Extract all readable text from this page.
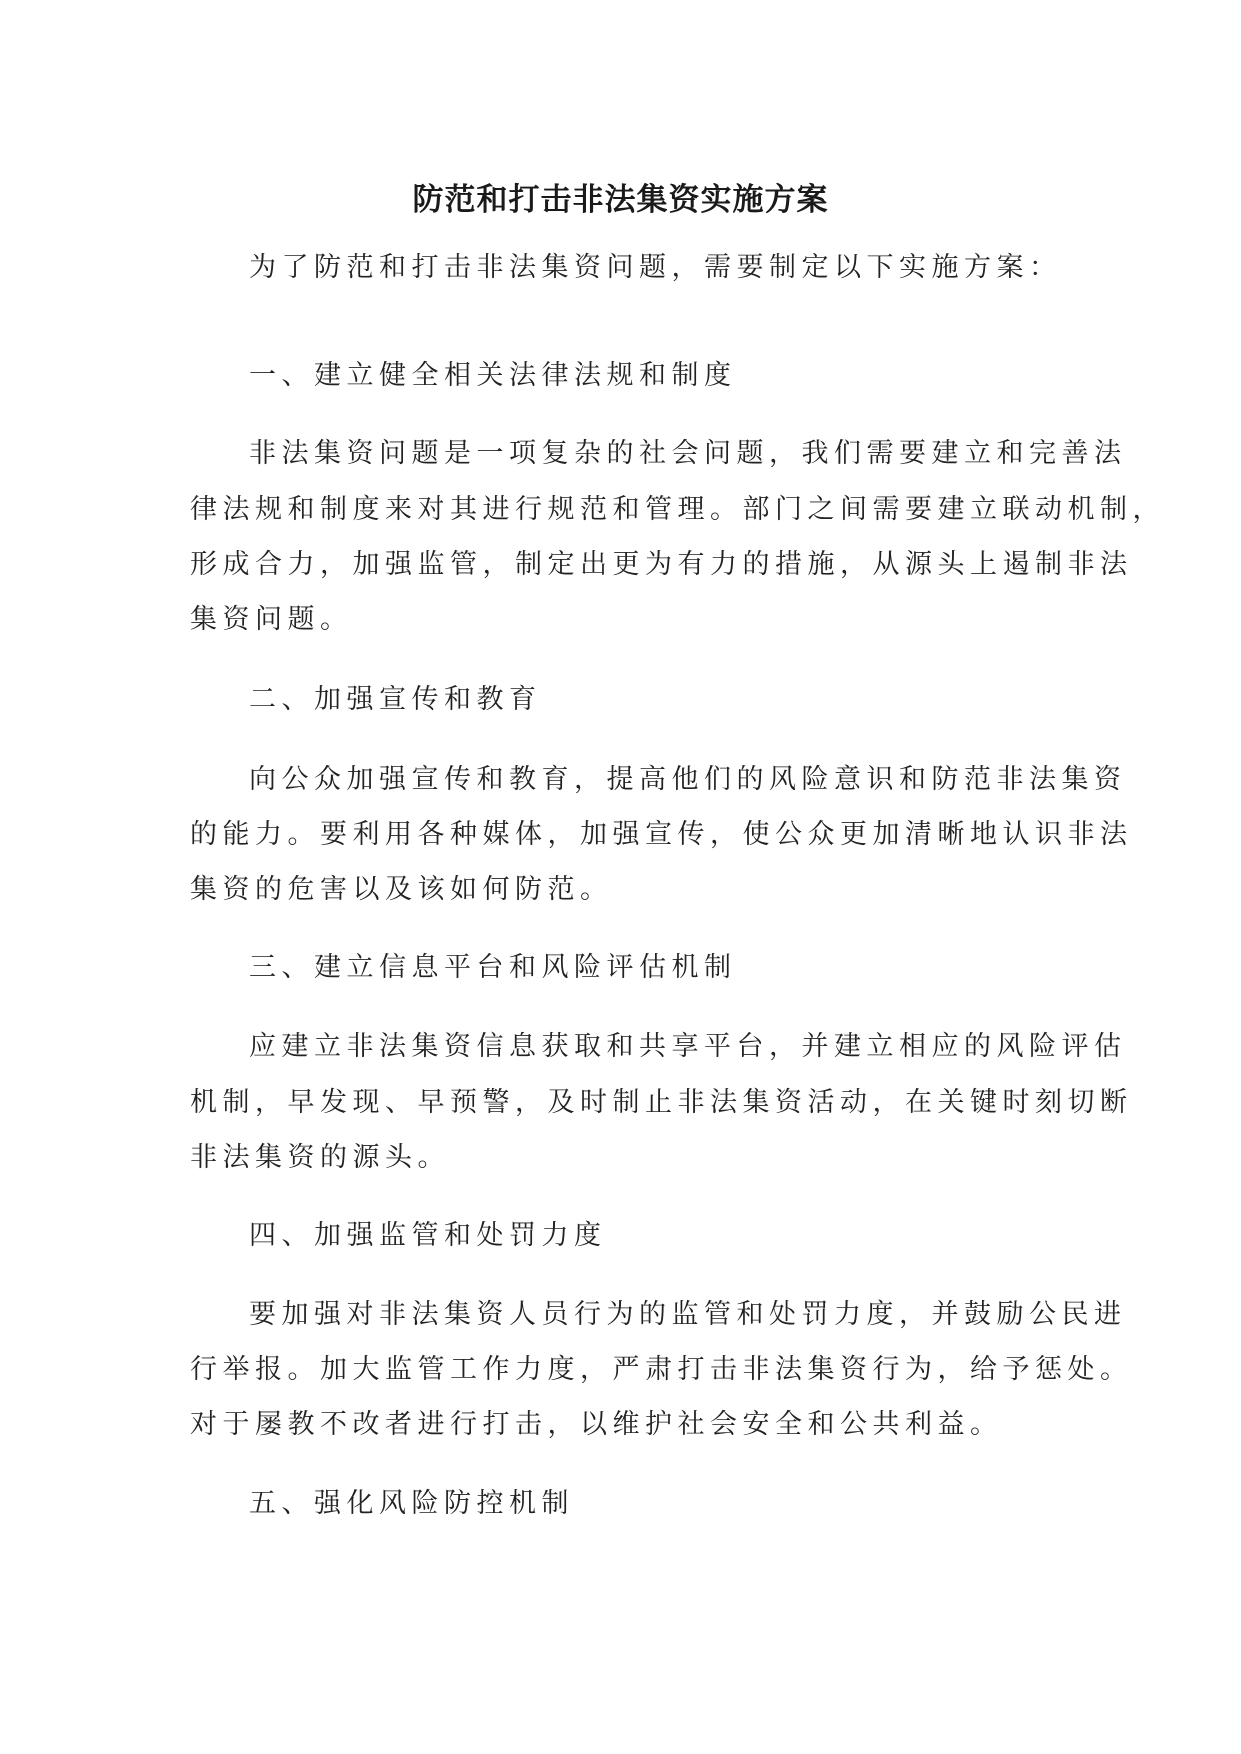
防范和打击非法集资实施方案
为了防范和打击非法集资问题，需要制定以下实施方案：
一、建立健全相关法律法规和制度
非法集资问题是一项复杂的社会问题，我们需要建立和完善法
律法规和制度来对其进行规范和管理。部门之间需要建立联动机制，
形成合力，加强监管，制定出更为有力的措施，从源头上遏制非法
集资问题。
二、加强宣传和教育
向公众加强宣传和教育，提高他们的风险意识和防范非法集资
的能力。要利用各种媒体，加强宣传，使公众更加清晰地认识非法
集资的危害以及该如何防范。
三、建立信息平台和风险评估机制
应建立非法集资信息获取和共享平台，并建立相应的风险评估
机制，早发现、早预警，及时制止非法集资活动，在关键时刻切断
非法集资的源头。
四、加强监管和处罚力度
要加强对非法集资人员行为的监管和处罚力度，并鼓励公民进
行举报。加大监管工作力度，严肃打击非法集资行为，给予惩处。
对于屡教不改者进行打击，以维护社会安全和公共利益。
五、强化风险防控机制
